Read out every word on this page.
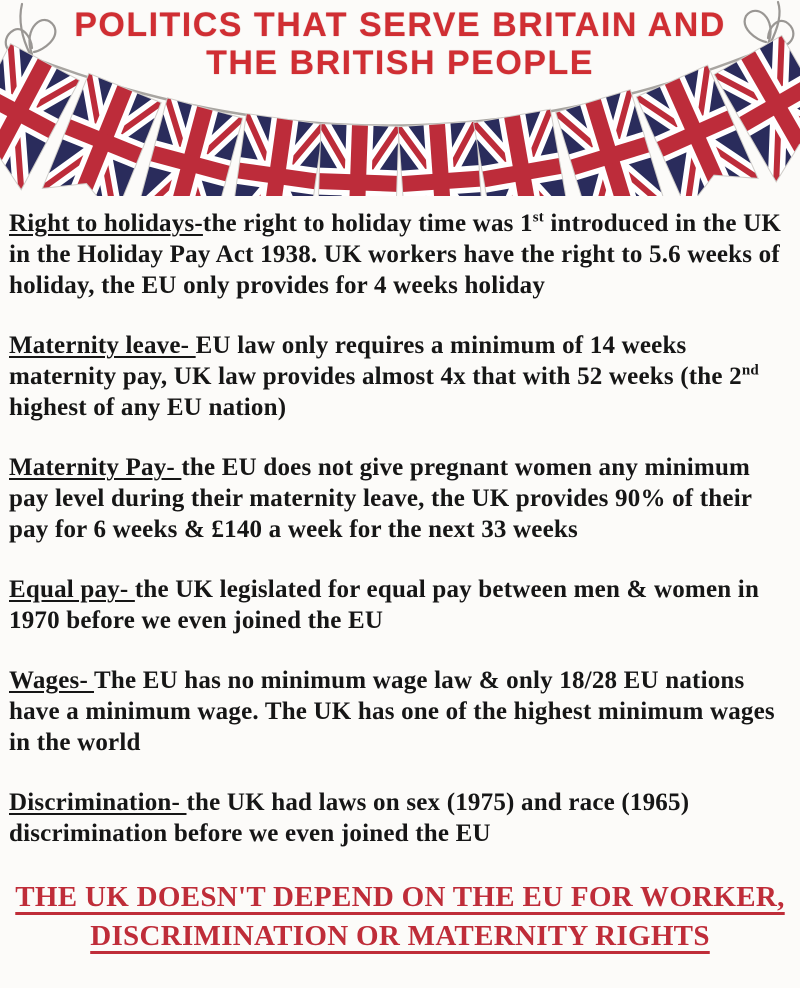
POLITICS THAT SERVE BRITAIN AND
THE BRITISH PEOPLE

Right to holidays-the right to holiday time was 1st introduced in the UK in the Holiday Pay Act 1938. UK workers have the right to 5.6 weeks of holiday, the EU only provides for 4 weeks holiday

Maternity leave- EU law only requires a minimum of 14 weeks maternity pay, UK law provides almost 4x that with 52 weeks (the 2nd highest of any EU nation)

Maternity Pay- the EU does not give pregnant women any minimum pay level during their maternity leave, the UK provides 90% of their pay for 6 weeks & £140 a week for the next 33 weeks

Equal pay- the UK legislated for equal pay between men & women in 1970 before we even joined the EU

Wages- The EU has no minimum wage law & only 18/28 EU nations have a minimum wage. The UK has one of the highest minimum wages in the world

Discrimination- the UK had laws on sex (1975) and race (1965) discrimination before we even joined the EU

THE UK DOESN'T DEPEND ON THE EU FOR WORKER,
DISCRIMINATION OR MATERNITY RIGHTS
